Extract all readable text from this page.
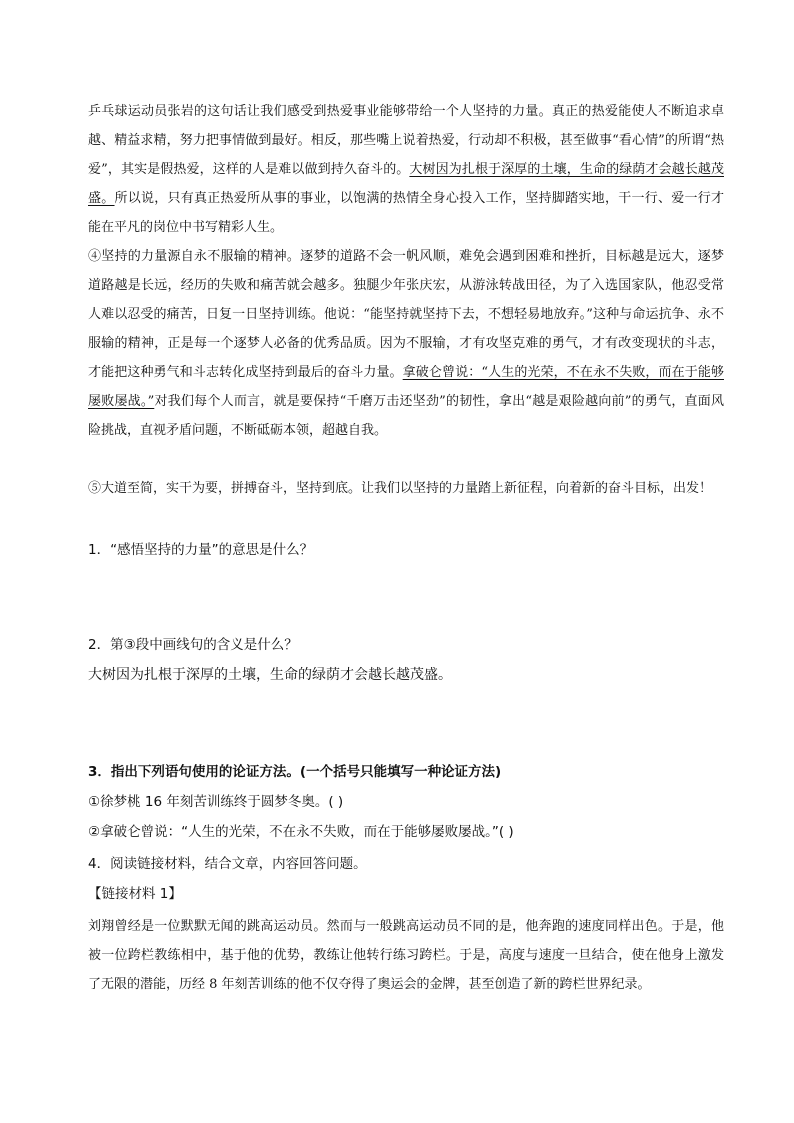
乒乓球运动员张岩的这句话让我们感受到热爱事业能够带给一个人坚持的力量。真正的热爱能使人不断追求卓越、精益求精，努力把事情做到最好。相反，那些嘴上说着热爱，行动却不积极，甚至做事“看心情”的所谓“热爱”，其实是假热爱，这样的人是难以做到持久奋斗的。大树因为扎根于深厚的土壤，生命的绿荫才会越长越茂盛。所以说，只有真正热爱所从事的事业，以饱满的热情全身心投入工作，坚持脚踏实地，干一行、爱一行才能在平凡的岗位中书写精彩人生。

④坚持的力量源自永不服输的精神。逐梦的道路不会一帆风顺，难免会遇到困难和挫折，目标越是远大，逐梦道路越是长远，经历的失败和痛苦就会越多。独腿少年张庆宏，从游泳转战田径，为了入选国家队，他忍受常人难以忍受的痛苦，日复一日坚持训练。他说：“能坚持就坚持下去，不想轻易地放弃。”这种与命运抗争、永不服输的精神，正是每一个逐梦人必备的优秀品质。因为不服输，才有攻坚克难的勇气，才有改变现状的斗志，才能把这种勇气和斗志转化成坚持到最后的奋斗力量。拿破仑曾说：“人生的光荣，不在永不失败，而在于能够屡败屡战。”对我们每个人而言，就是要保持“千磨万击还坚劲”的韧性，拿出“越是艰险越向前”的勇气，直面风险挑战，直视矛盾问题，不断砥砺本领，超越自我。

⑤大道至简，实干为要，拼搏奋斗，坚持到底。让我们以坚持的力量踏上新征程，向着新的奋斗目标，出发！

1．“感悟坚持的力量”的意思是什么？

2．第③段中画线句的含义是什么？

大树因为扎根于深厚的土壤，生命的绿荫才会越长越茂盛。

3．指出下列语句使用的论证方法。(一个括号只能填写一种论证方法)

①徐梦桃 16 年刻苦训练终于圆梦冬奥。( )

②拿破仑曾说：“人生的光荣，不在永不失败，而在于能够屡败屡战。”( )

4．阅读链接材料，结合文章，内容回答问题。

【链接材料 1】

刘翔曾经是一位默默无闻的跳高运动员。然而与一般跳高运动员不同的是，他奔跑的速度同样出色。于是，他被一位跨栏教练相中，基于他的优势，教练让他转行练习跨栏。于是，高度与速度一旦结合，使在他身上激发了无限的潜能，历经 8 年刻苦训练的他不仅夺得了奥运会的金牌，甚至创造了新的跨栏世界纪录。
